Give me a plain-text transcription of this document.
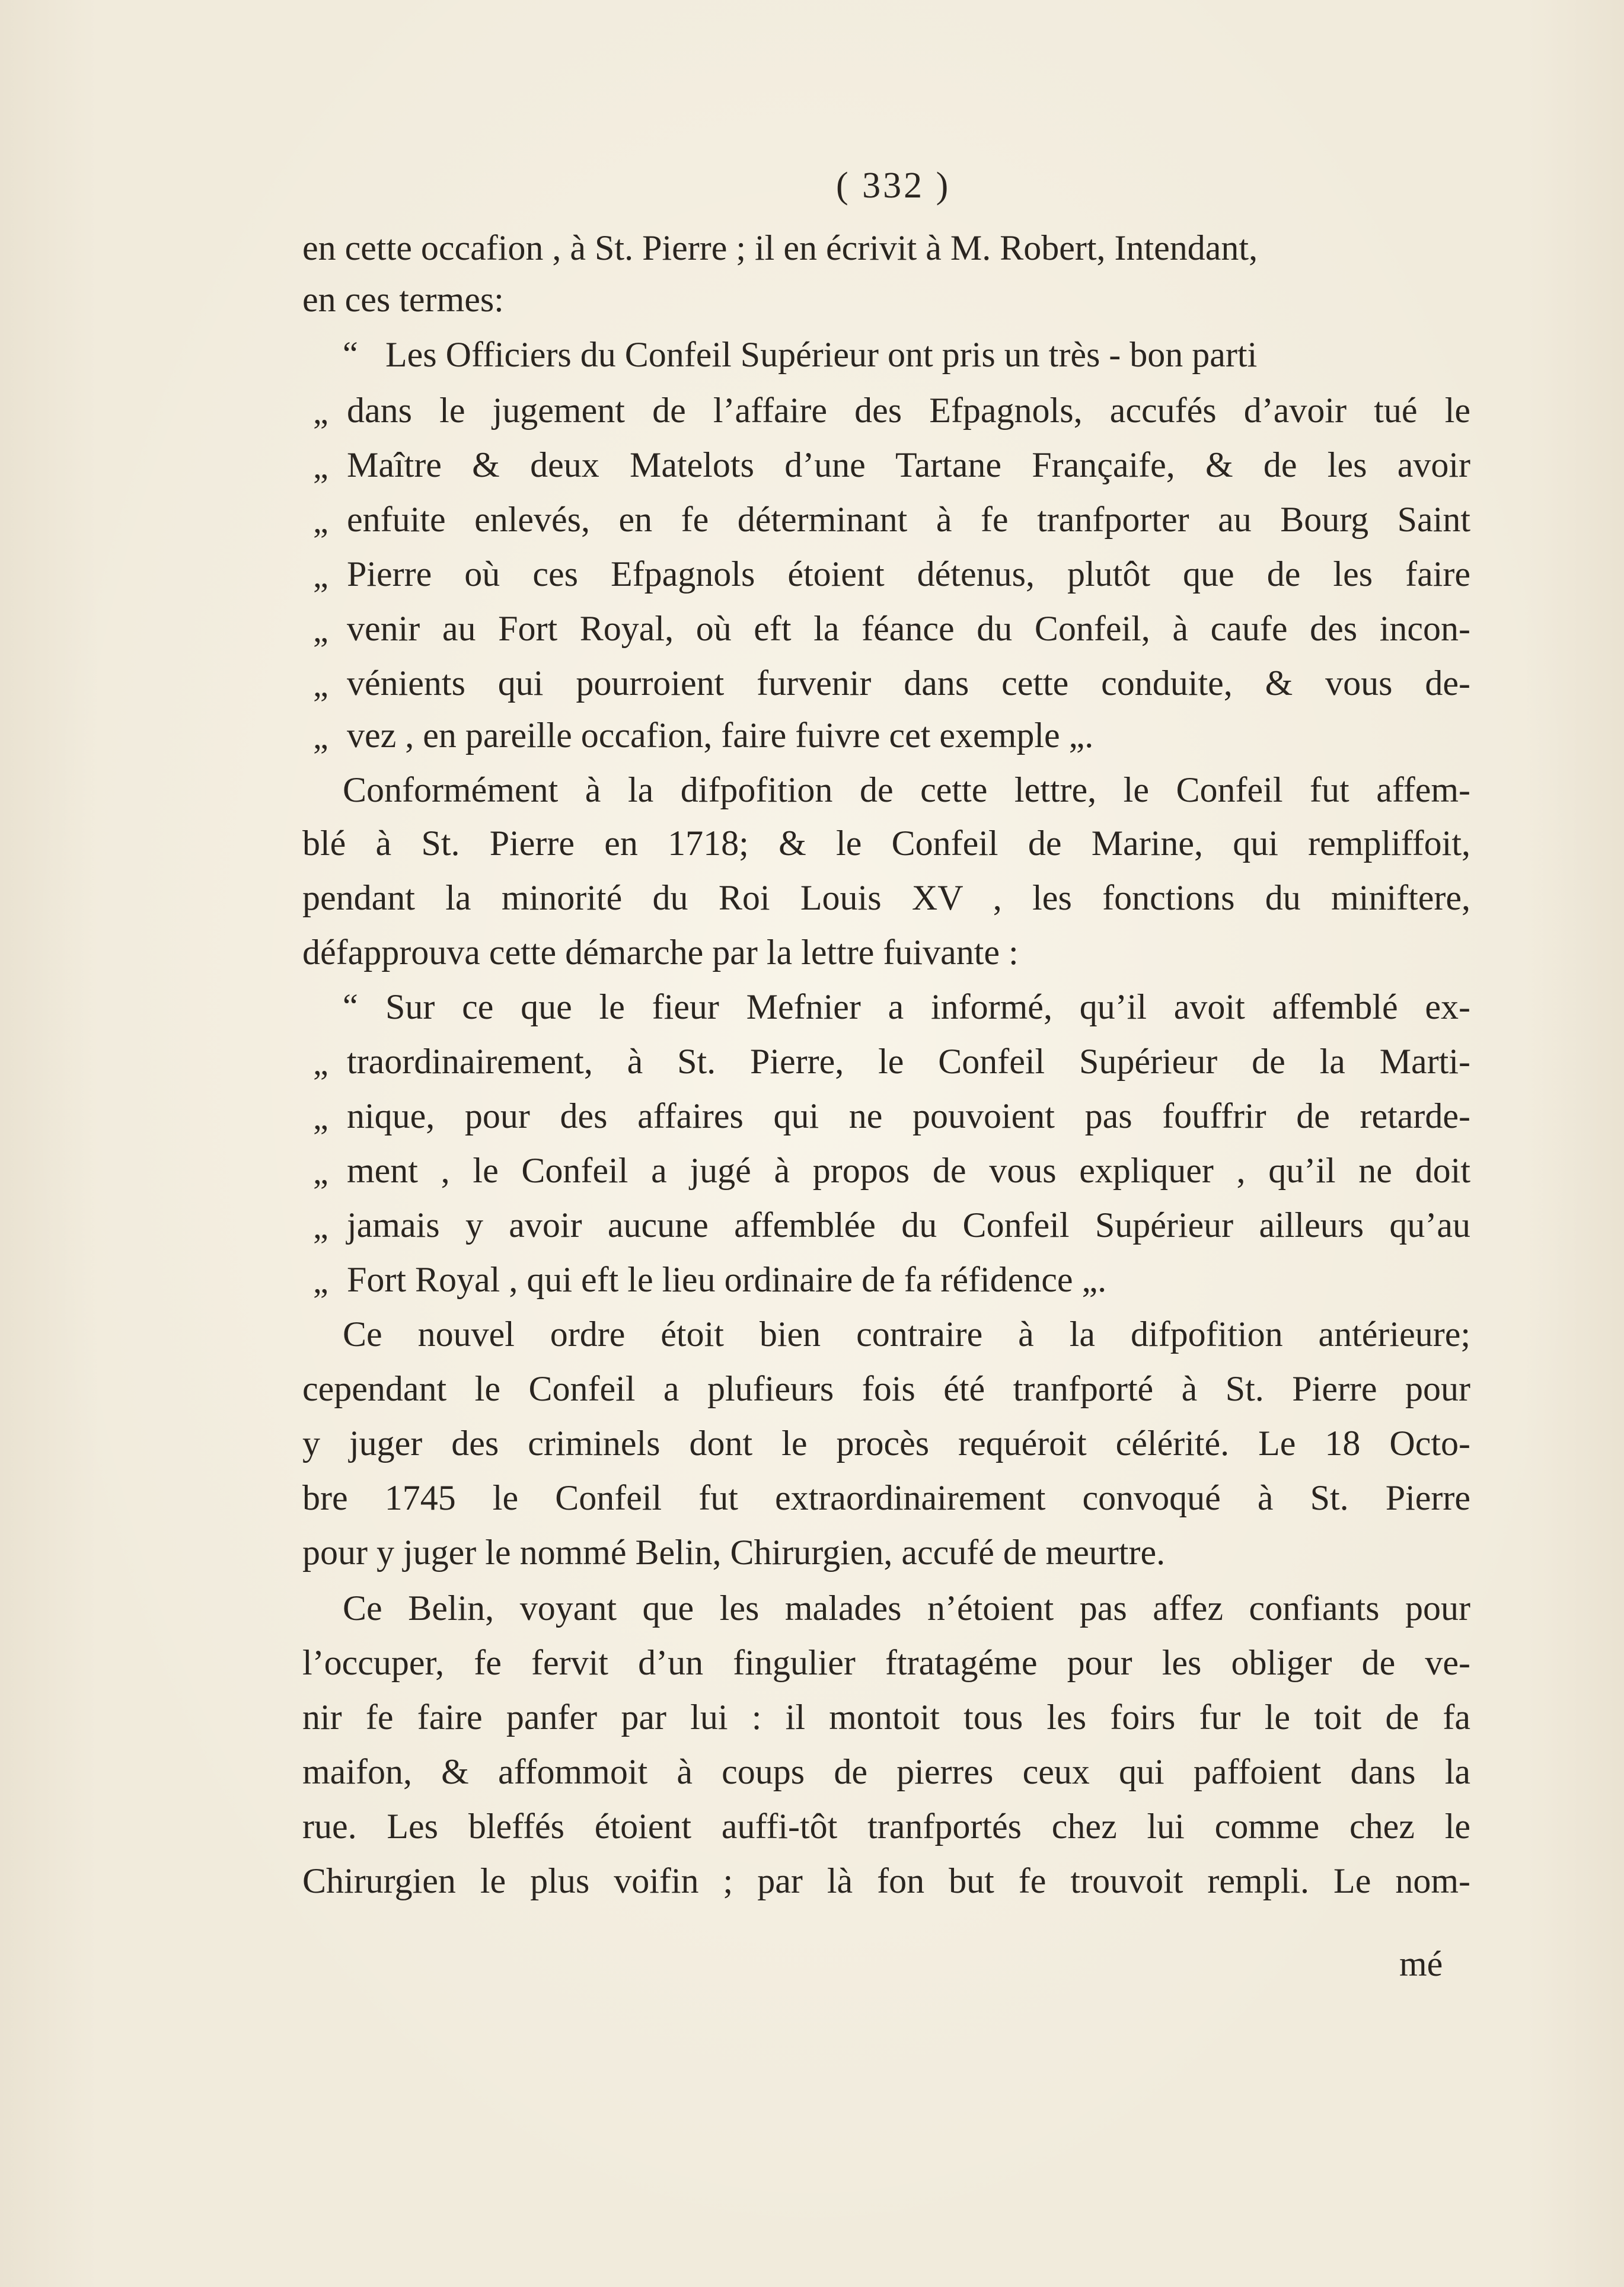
( 332 )
en cette occafion , à St. Pierre ; il en écrivit à M. Robert, Intendant,
en ces termes:
“ Les Officiers du Confeil Supérieur ont pris un très - bon parti
„ dans le jugement de l’affaire des Efpagnols, accufés d’avoir tué le
„ Maître & deux Matelots d’une Tartane Françaife, & de les avoir
„ enfuite enlevés, en fe déterminant à fe tranfporter au Bourg Saint
„ Pierre où ces Efpagnols étoient détenus, plutôt que de les faire
„ venir au Fort Royal, où eft la féance du Confeil, à caufe des incon-
„ vénients qui pourroient furvenir dans cette conduite, & vous de-
„ vez , en pareille occafion, faire fuivre cet exemple „.
Conformément à la difpofition de cette lettre, le Confeil fut affem-
blé à St. Pierre en 1718; & le Confeil de Marine, qui rempliffoit,
pendant la minorité du Roi Louis XV , les fonctions du miniftere,
défapprouva cette démarche par la lettre fuivante :
“ Sur ce que le fieur Mefnier a informé, qu’il avoit affemblé ex-
„ traordinairement, à St. Pierre, le Confeil Supérieur de la Marti-
„ nique, pour des affaires qui ne pouvoient pas fouffrir de retarde-
„ ment , le Confeil a jugé à propos de vous expliquer , qu’il ne doit
„ jamais y avoir aucune affemblée du Confeil Supérieur ailleurs qu’au
„ Fort Royal , qui eft le lieu ordinaire de fa réfidence „.
Ce nouvel ordre étoit bien contraire à la difpofition antérieure;
cependant le Confeil a plufieurs fois été tranfporté à St. Pierre pour
y juger des criminels dont le procès requéroit célérité. Le 18 Octo-
bre 1745 le Confeil fut extraordinairement convoqué à St. Pierre
pour y juger le nommé Belin, Chirurgien, accufé de meurtre.
Ce Belin, voyant que les malades n’étoient pas affez confiants pour
l’occuper, fe fervit d’un fingulier ftratagéme pour les obliger de ve-
nir fe faire panfer par lui : il montoit tous les foirs fur le toit de fa
maifon, & affommoit à coups de pierres ceux qui paffoient dans la
rue. Les bleffés étoient auffi-tôt tranfportés chez lui comme chez le
Chirurgien le plus voifin ; par là fon but fe trouvoit rempli. Le nom-
mé
